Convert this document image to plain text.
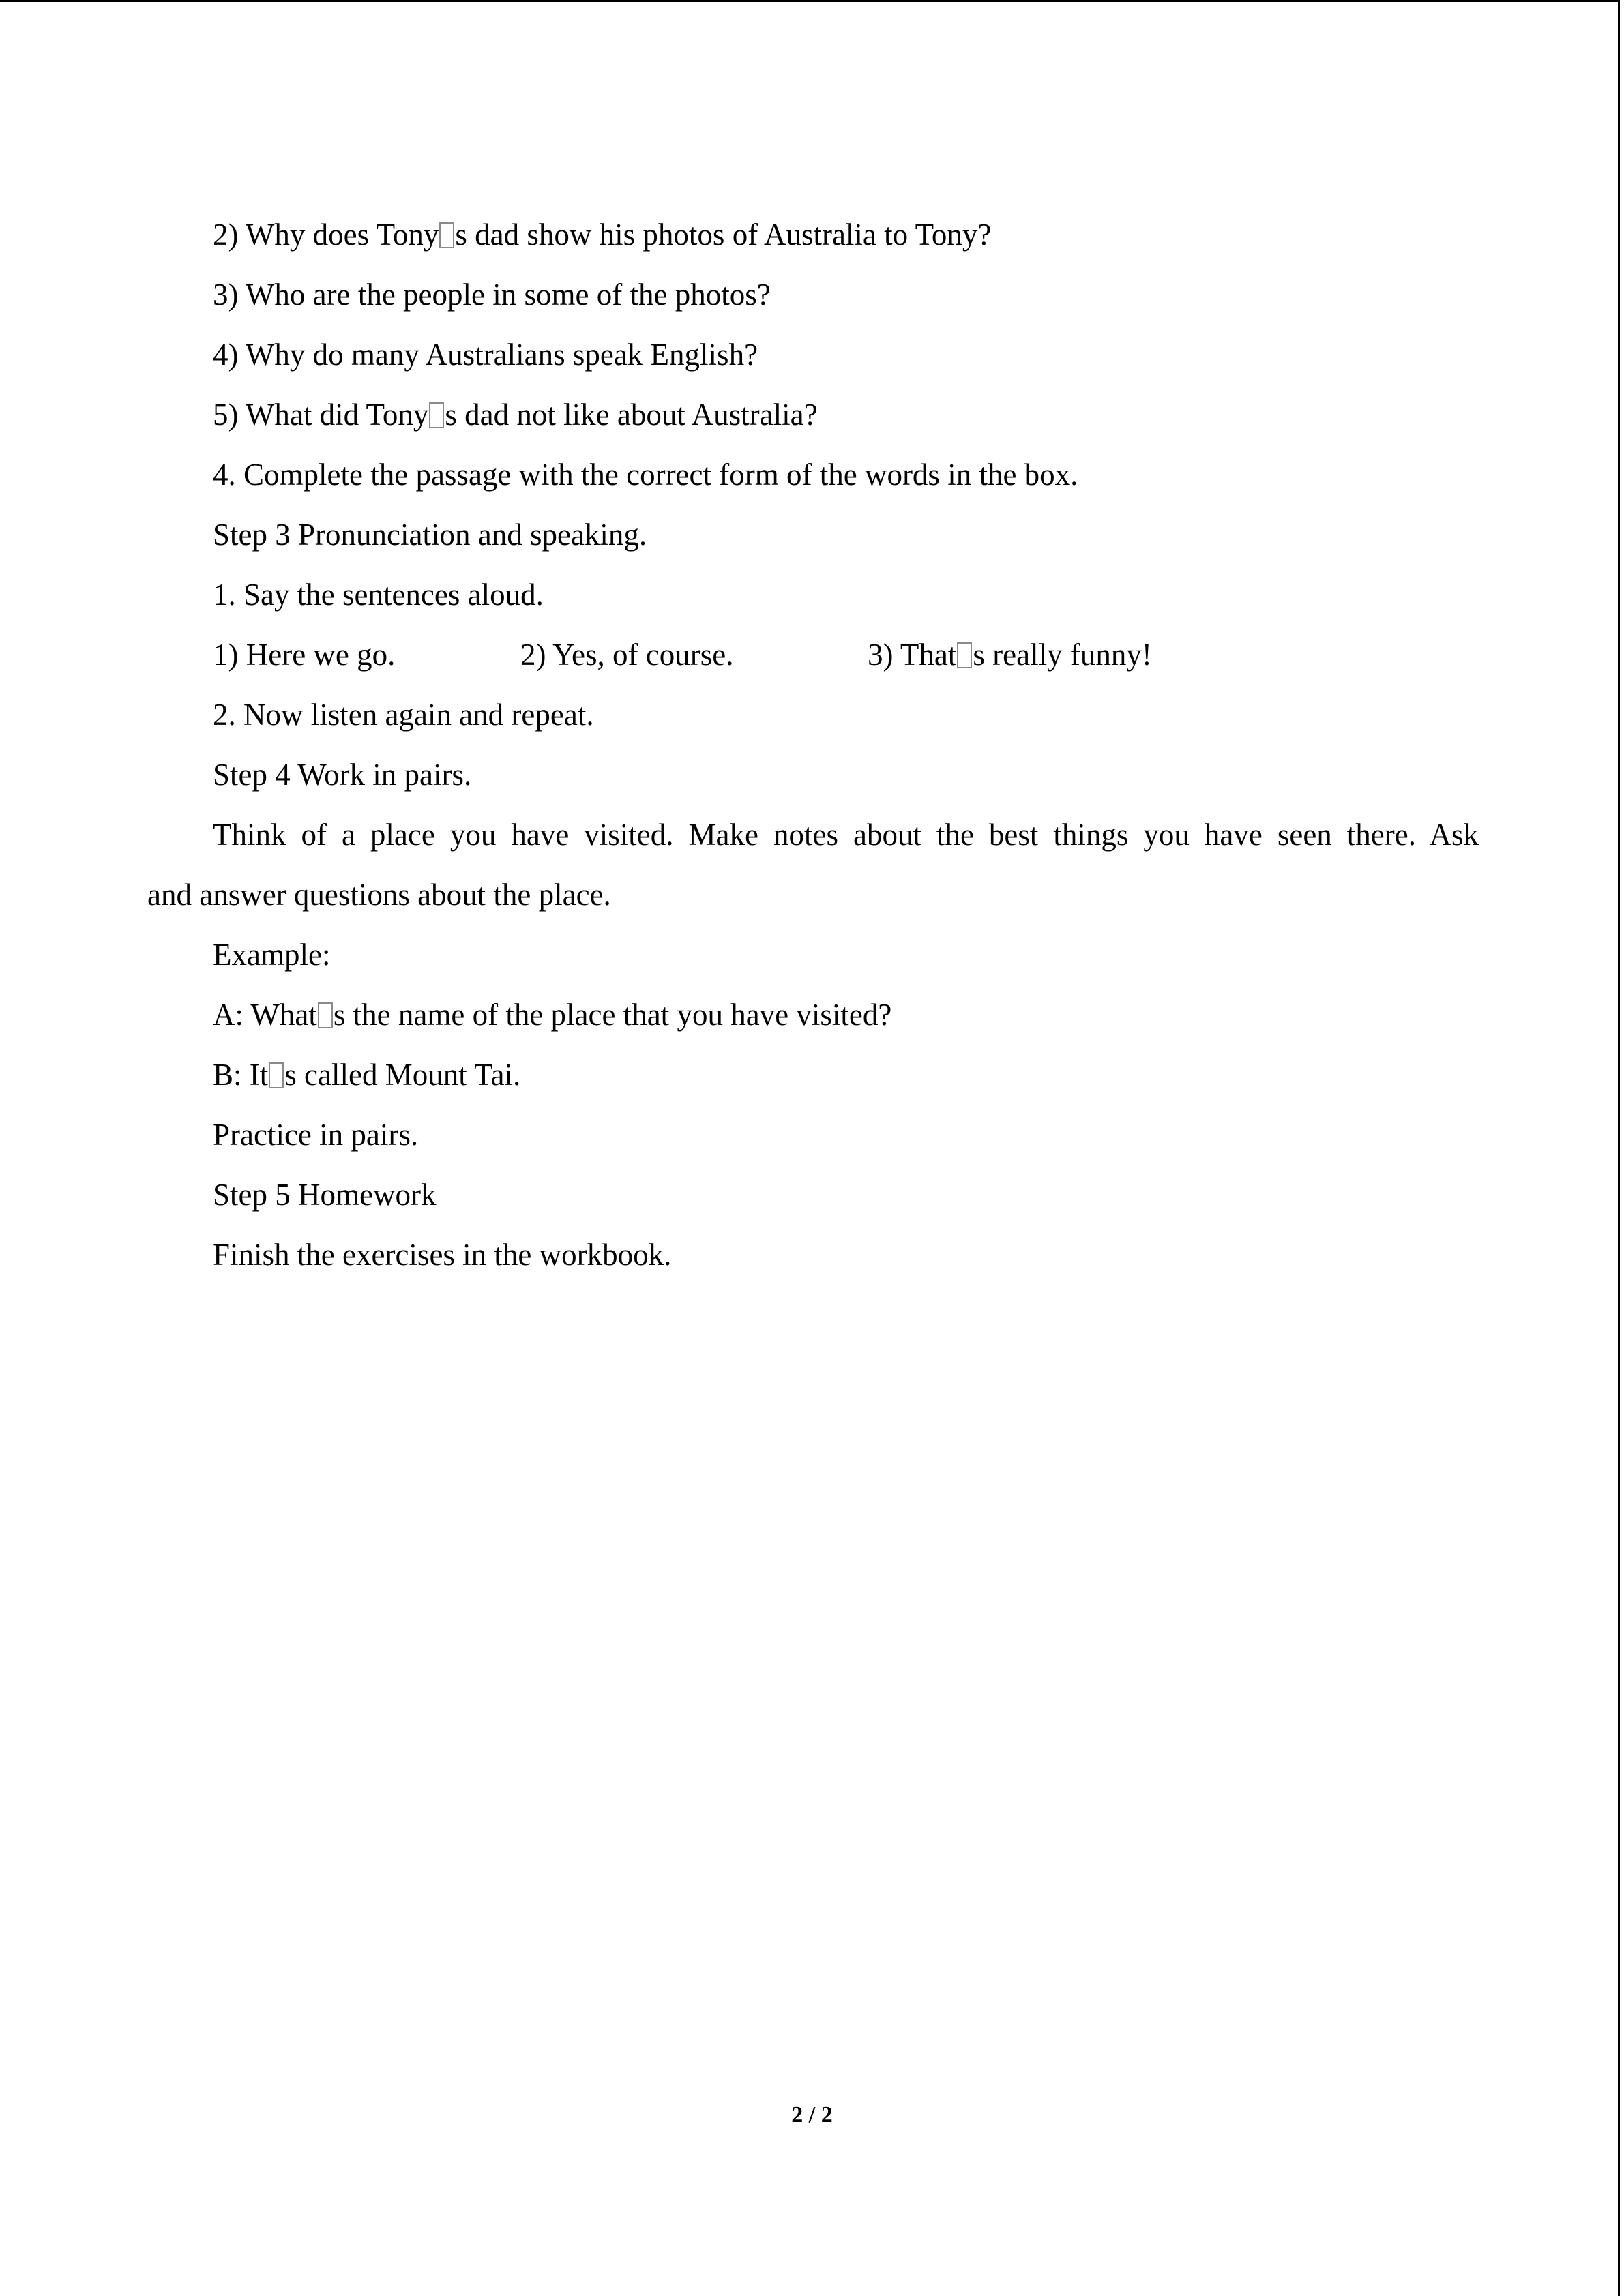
2) Why does Tony s dad show his photos of Australia to Tony?
3) Who are the people in some of the photos?
4) Why do many Australians speak English?
5) What did Tony s dad not like about Australia?
4. Complete the passage with the correct form of the words in the box.
Step 3 Pronunciation and speaking.
1. Say the sentences aloud.
1) Here we go.	2) Yes, of course.	3) That s really funny!
2. Now listen again and repeat.
Step 4 Work in pairs.
Think of a place you have visited. Make notes about the best things you have seen there. Ask
and answer questions about the place.
Example:
A: What s the name of the place that you have visited?
B: It s called Mount Tai.
Practice in pairs.
Step 5 Homework
Finish the exercises in the workbook.
2 / 2
